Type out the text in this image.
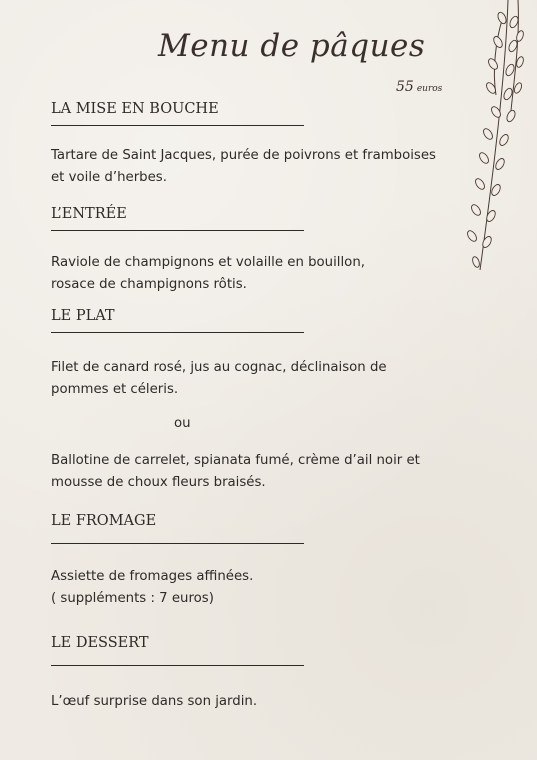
Menu de pâques
55 euros

LA MISE EN BOUCHE

Tartare de Saint Jacques, purée de poivrons et framboises
et voile d’herbes.

L’ENTRÉE

Raviole de champignons et volaille en bouillon,
rosace de champignons rôtis.

LE PLAT

Filet de canard rosé, jus au cognac, déclinaison de
pommes et céleris.
ou
Ballotine de carrelet, spianata fumé, crème d’ail noir et
mousse de choux fleurs braisés.

LE FROMAGE

Assiette de fromages affinées.
( suppléments : 7 euros)

LE DESSERT

L’œuf surprise dans son jardin.
